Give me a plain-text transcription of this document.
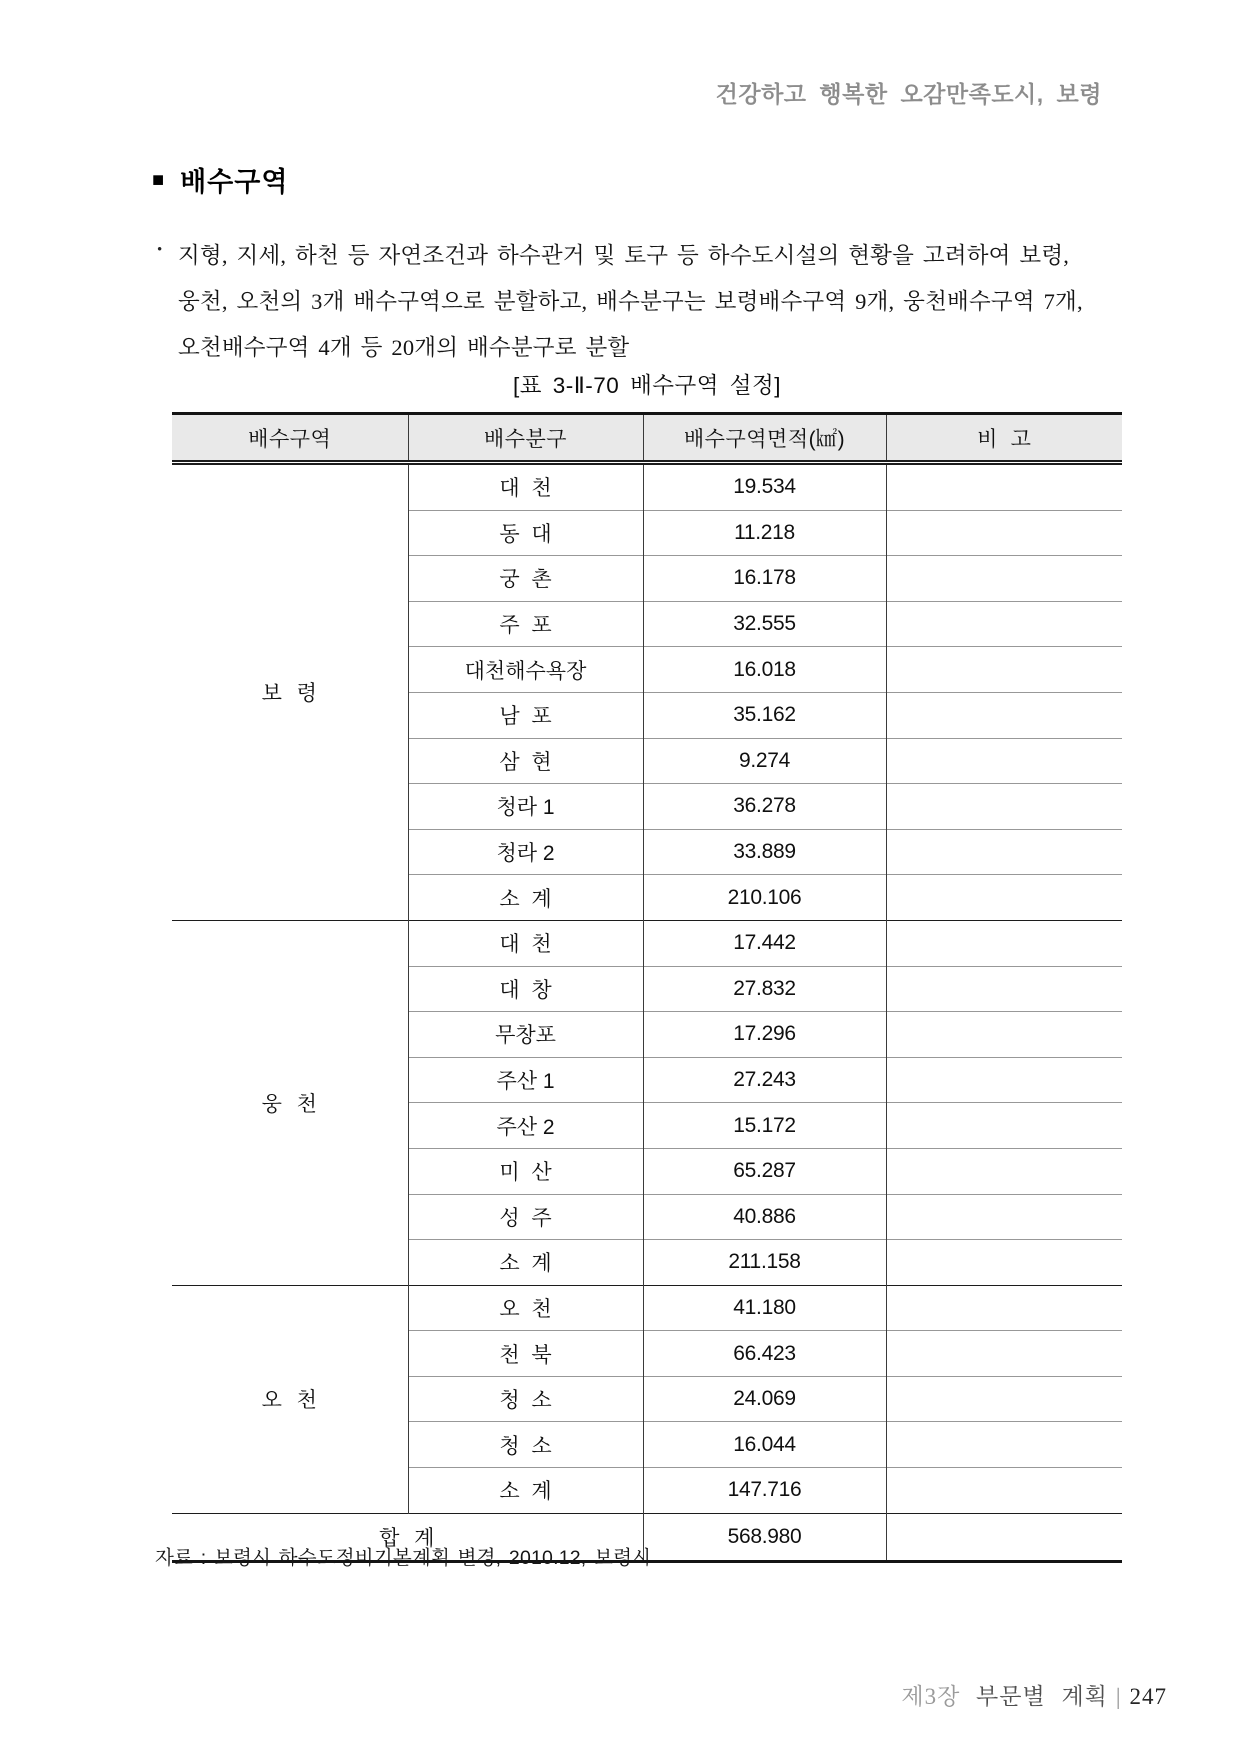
건강하고 행복한 오감만족도시, 보령
■ 배수구역
• 지형, 지세, 하천 등 자연조건과 하수관거 및 토구 등 하수도시설의 현황을 고려하여 보령,
웅천, 오천의 3개 배수구역으로 분할하고, 배수분구는 보령배수구역 9개, 웅천배수구역 7개,
오천배수구역 4개 등 20개의 배수분구로 분할
[표 3-Ⅱ-70 배수구역 설정]
배수구역	배수분구	배수구역면적(㎢)	비  고
보  령	대  천	19.534	
	동  대	11.218	
	궁  촌	16.178	
	주  포	32.555	
	대천해수욕장	16.018	
	남  포	35.162	
	삼  현	9.274	
	청라 1	36.278	
	청라 2	33.889	
	소  계	210.106	
웅  천	대  천	17.442	
	대  창	27.832	
	무창포	17.296	
	주산 1	27.243	
	주산 2	15.172	
	미  산	65.287	
	성  주	40.886	
	소  계	211.158	
오  천	오  천	41.180	
	천  북	66.423	
	청  소	24.069	
	청  소	16.044	
	소  계	147.716	
합  계		568.980	
자료 : 보령시 하수도정비기본계획 변경, 2010.12, 보령시
제3장 부문별 계획 | 247
